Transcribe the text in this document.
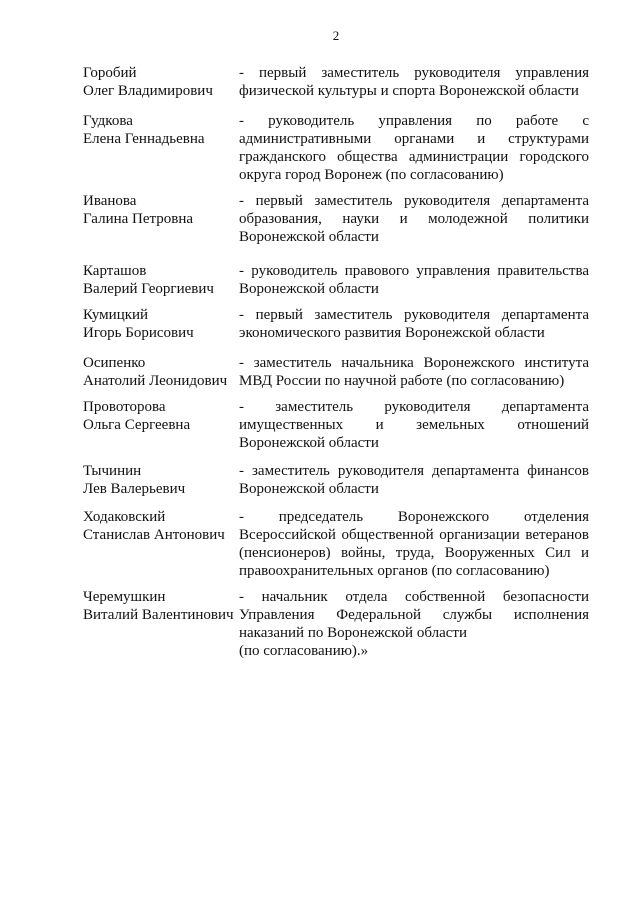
2
Горобий
Олег Владимирович
- первый заместитель руководителя управления
физической культуры и спорта Воронежской области
Гудкова
Елена Геннадьевна
- руководитель управления по работе с
административными органами и структурами
гражданского общества администрации городского
округа город Воронеж (по согласованию)
Иванова
Галина Петровна
- первый заместитель руководителя департамента
образования, науки и молодежной политики
Воронежской области
Карташов
Валерий Георгиевич
- руководитель правового управления правительства
Воронежской области
Кумицкий
Игорь Борисович
- первый заместитель руководителя департамента
экономического развития Воронежской области
Осипенко
Анатолий Леонидович
- заместитель начальника Воронежского института
МВД России по научной работе (по согласованию)
Провоторова
Ольга Сергеевна
- заместитель руководителя департамента
имущественных и земельных отношений
Воронежской области
Тычинин
Лев Валерьевич
- заместитель руководителя департамента финансов
Воронежской области
Ходаковский
Станислав Антонович
- председатель Воронежского отделения
Всероссийской общественной организации ветеранов
(пенсионеров) войны, труда, Вооруженных Сил и
правоохранительных органов (по согласованию)
Черемушкин
Виталий Валентинович
- начальник отдела собственной безопасности
Управления Федеральной службы исполнения
наказаний по Воронежской области
(по согласованию).»
